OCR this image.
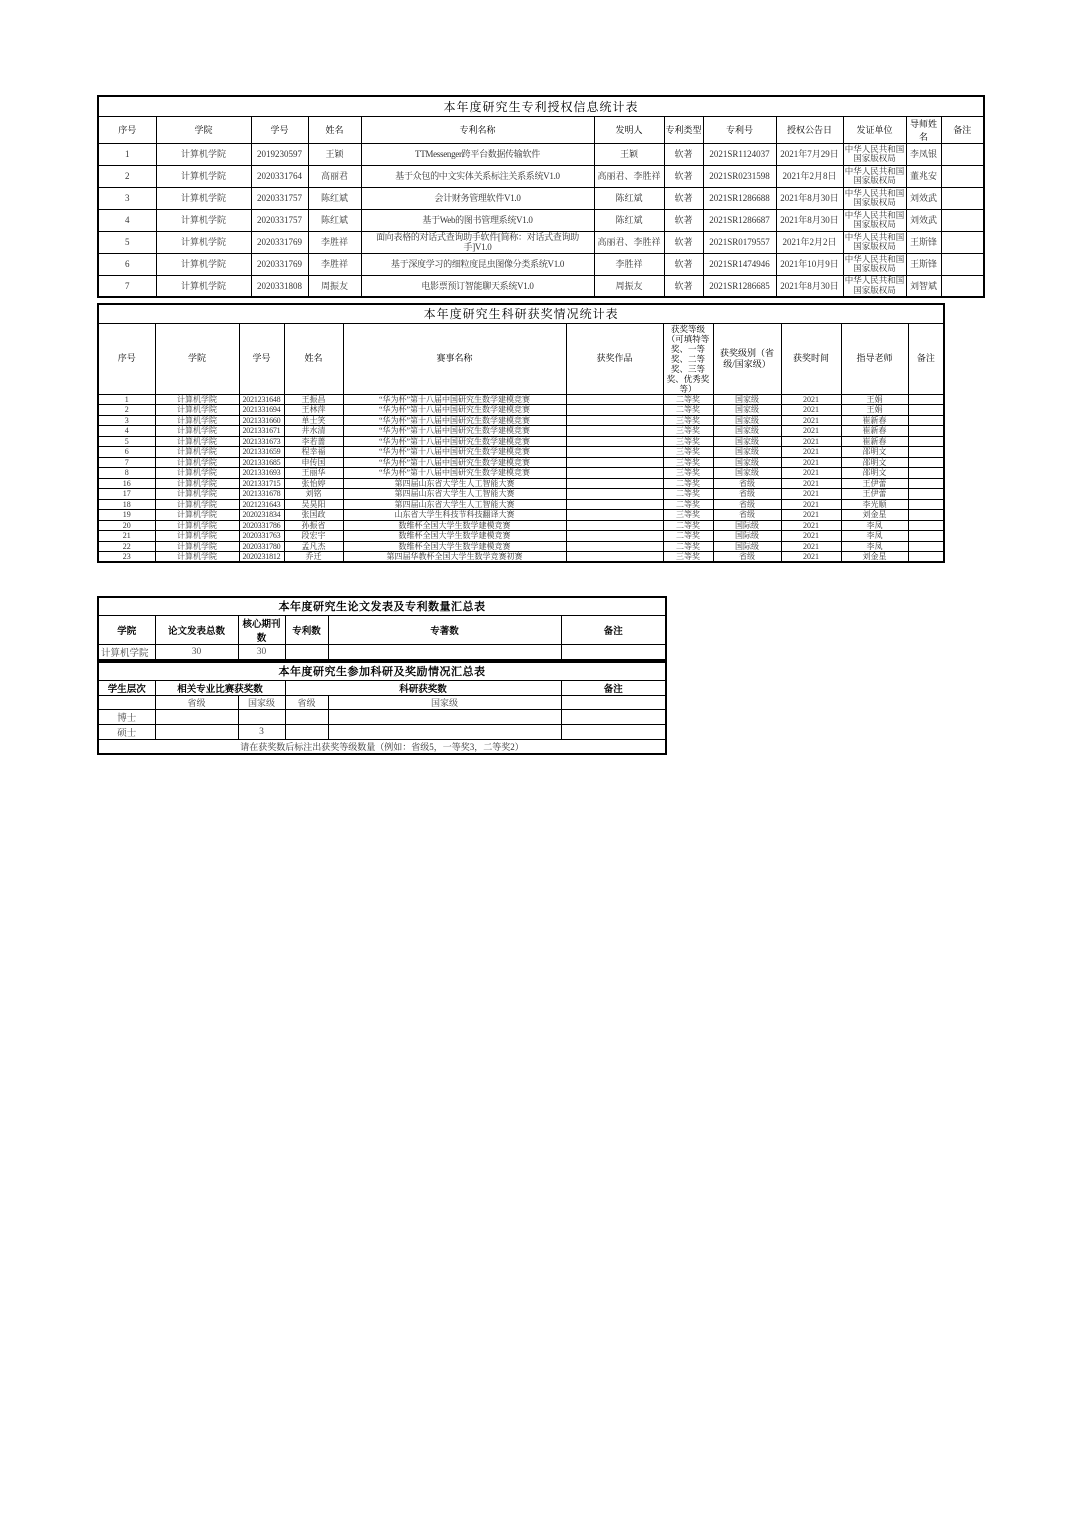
本年度研究生专利授权信息统计表											
序号	学院	学号	姓名	专利名称	发明人	专利类型	专利号	授权公告日	发证单位	导师姓名	备注
1	计算机学院	2019230597	王颖	TTMessenger跨平台数据传输软件	王颖	软著	2021SR1124037	2021年7月29日	中华人民共和国国家版权局	李凤银	
2	计算机学院	2020331764	高丽君	基于众包的中文实体关系标注关系系统V1.0	高丽君、李胜祥	软著	2021SR0231598	2021年2月8日	中华人民共和国国家版权局	董兆安	
3	计算机学院	2020331757	陈红斌	会计财务管理软件V1.0	陈红斌	软著	2021SR1286688	2021年8月30日	中华人民共和国国家版权局	刘效武	
4	计算机学院	2020331757	陈红斌	基于Web的图书管理系统V1.0	陈红斌	软著	2021SR1286687	2021年8月30日	中华人民共和国国家版权局	刘效武	
5	计算机学院	2020331769	李胜祥	面向表格的对话式查询助手软件[简称：对话式查询助手]V1.0	高丽君、李胜祥	软著	2021SR0179557	2021年2月2日	中华人民共和国国家版权局	王斯锋	
6	计算机学院	2020331769	李胜祥	基于深度学习的细粒度昆虫图像分类系统V1.0	李胜祥	软著	2021SR1474946	2021年10月9日	中华人民共和国国家版权局	王斯锋	
7	计算机学院	2020331808	周振友	电影票预订智能聊天系统V1.0	周振友	软著	2021SR1286685	2021年8月30日	中华人民共和国国家版权局	刘智斌	
本年度研究生科研获奖情况统计表										
序号	学院	学号	姓名	赛事名称	获奖作品	获奖等级（可填特等奖、一等奖、二等奖、三等奖、优秀奖等）	获奖级别（省级/国家级）	获奖时间	指导老师	备注
1	计算机学院	2021231648	王振昌	“华为杯”第十八届中国研究生数学建模竞赛		二等奖	国家级	2021	王娟	
2	计算机学院	2021331694	王林萍	“华为杯”第十八届中国研究生数学建模竞赛		二等奖	国家级	2021	王娟	
3	计算机学院	2021331660	单士笑	“华为杯”第十八届中国研究生数学建模竞赛		三等奖	国家级	2021	崔新春	
4	计算机学院	2021331671	井水清	“华为杯”第十八届中国研究生数学建模竞赛		三等奖	国家级	2021	崔新春	
5	计算机学院	2021331673	李若蔷	“华为杯”第十八届中国研究生数学建模竞赛		三等奖	国家级	2021	崔新春	
6	计算机学院	2021331659	程幸福	“华为杯”第十八届中国研究生数学建模竞赛		三等奖	国家级	2021	邵明文	
7	计算机学院	2021331685	申传国	“华为杯”第十八届中国研究生数学建模竞赛		三等奖	国家级	2021	邵明文	
8	计算机学院	2021331693	王丽华	“华为杯”第十八届中国研究生数学建模竞赛		三等奖	国家级	2021	邵明文	
16	计算机学院	2021331715	张怡婷	第四届山东省大学生人工智能大赛		二等奖	省级	2021	王伊蕾	
17	计算机学院	2021331678	刘铭	第四届山东省大学生人工智能大赛		二等奖	省级	2021	王伊蕾	
18	计算机学院	2021231643	吴昊阳	第四届山东省大学生人工智能大赛		二等奖	省级	2021	李光顺	
19	计算机学院	2020231834	张国政	山东省大学生科技节科技翻译大赛		三等奖	省级	2021	刘金星	
20	计算机学院	2020331786	孙振省	数维杯全国大学生数学建模竞赛		二等奖	国际级	2021	李凤	
21	计算机学院	2020331763	段宏宇	数维杯全国大学生数学建模竞赛		二等奖	国际级	2021	李凤	
22	计算机学院	2020331780	孟凡杰	数维杯全国大学生数学建模竞赛		二等奖	国际级	2021	李凤	
23	计算机学院	2020231812	乔迁	第四届华教杯全国大学生数学竞赛初赛		三等奖	省级	2021	刘金星	
本年度研究生论文发表及专利数量汇总表					
学院	论文发表总数	核心期刊数	专利数	专著数	备注
计算机学院	30	30			
本年度研究生参加科研及奖励情况汇总表					
学生层次	相关专业比赛获奖数		科研获奖数		备注
	省级	国家级	省级	国家级	
博士					
硕士		3			
请在获奖数后标注出获奖等级数量（例如：省级5，一等奖3，二等奖2）					
